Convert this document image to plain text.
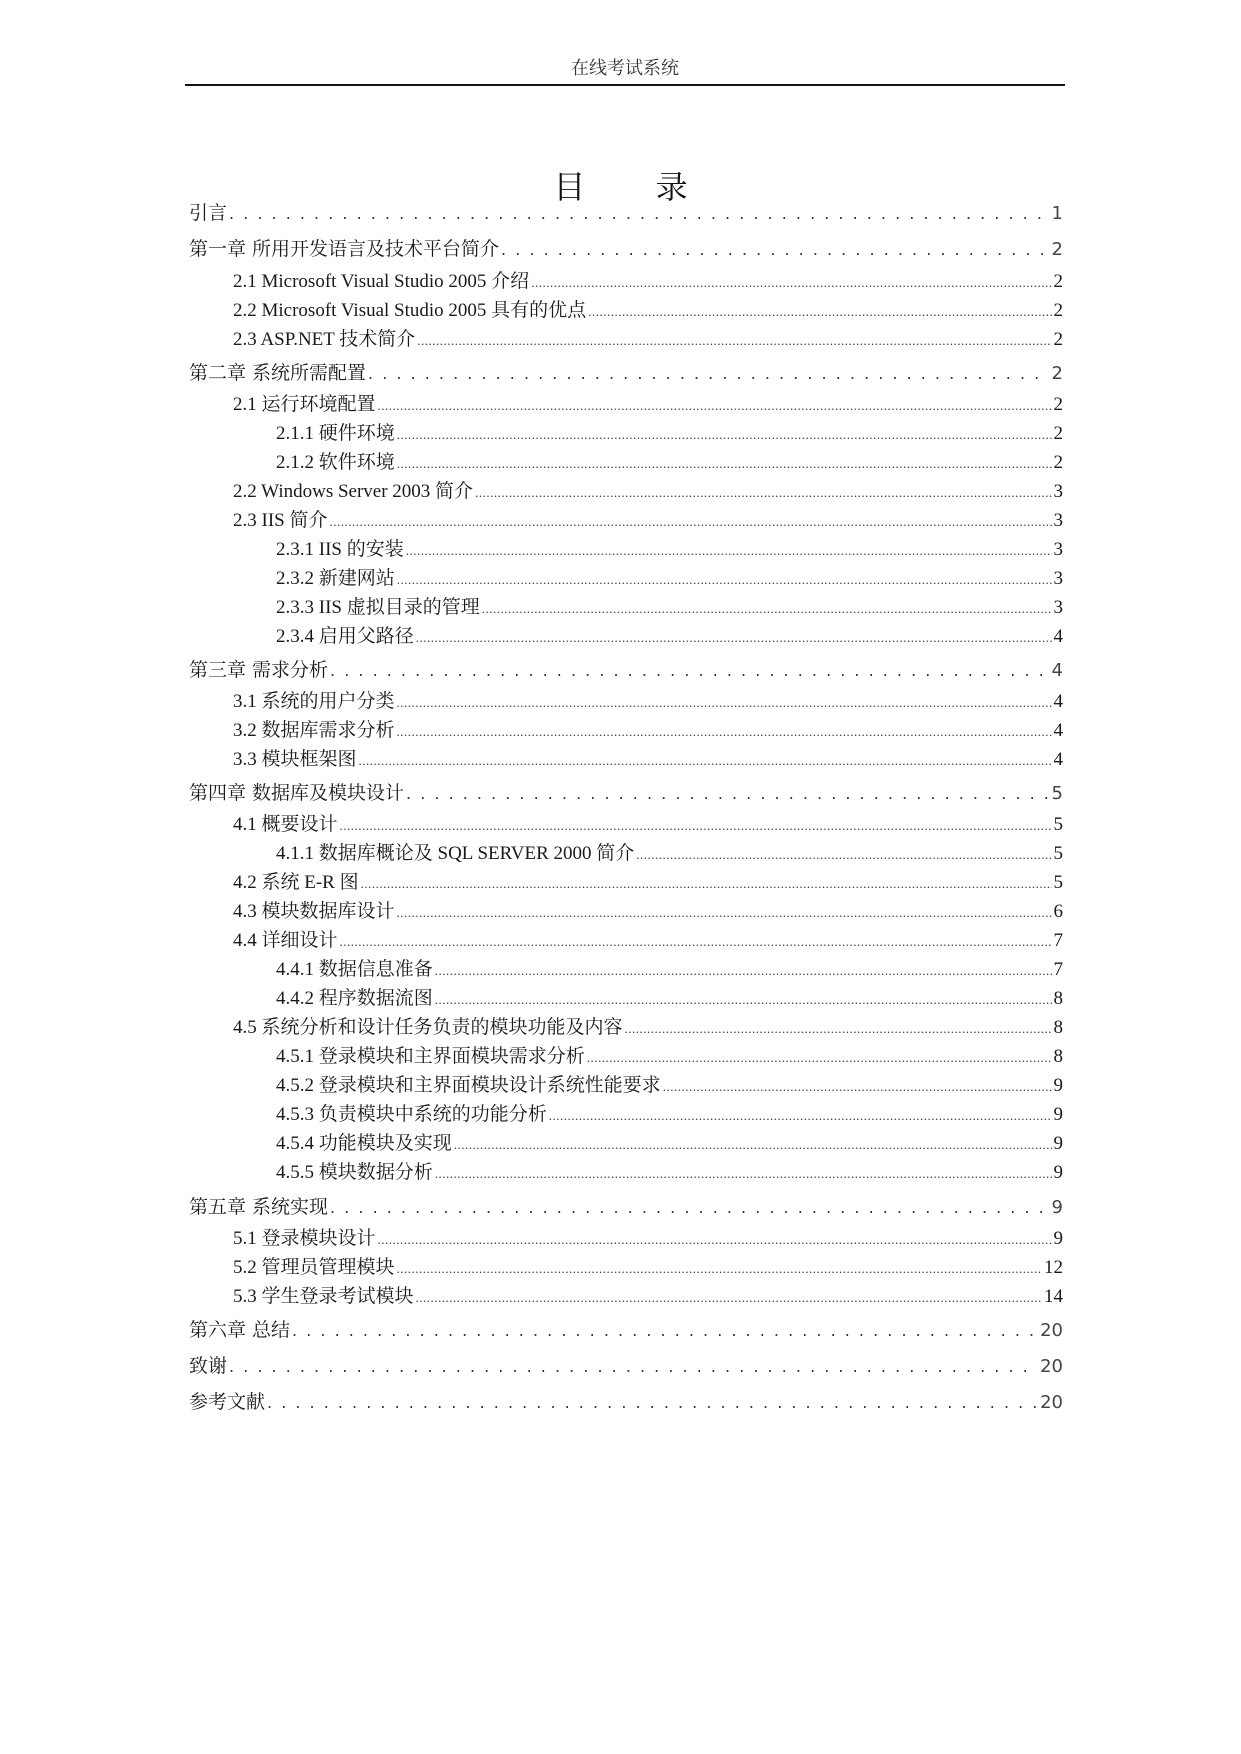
在线考试系统
目 录
引言 . . .	1
第一章 所用开发语言及技术平台简介 . . .	2
2.1 Microsoft Visual Studio 2005 介绍 .....	2
2.2 Microsoft Visual Studio 2005 具有的优点 .....	2
2.3 ASP.NET 技术简介 .....	2
第二章 系统所需配置 . . .	2
2.1 运行环境配置 .....	2
2.1.1 硬件环境 .....	2
2.1.2 软件环境 .....	2
2.2 Windows Server 2003 简介 .....	3
2.3 IIS 简介 .....	3
2.3.1 IIS 的安装 .....	3
2.3.2 新建网站 .....	3
2.3.3 IIS 虚拟目录的管理 .....	3
2.3.4 启用父路径 .....	4
第三章 需求分析 . . .	4
3.1 系统的用户分类 .....	4
3.2 数据库需求分析 .....	4
3.3 模块框架图 .....	4
第四章 数据库及模块设计 . . .	5
4.1 概要设计 .....	5
4.1.1 数据库概论及 SQL SERVER 2000 简介 .....	5
4.2 系统 E-R 图 .....	5
4.3 模块数据库设计 .....	6
4.4 详细设计 .....	7
4.4.1 数据信息准备 .....	7
4.4.2 程序数据流图 .....	8
4.5 系统分析和设计任务负责的模块功能及内容 .....	8
4.5.1 登录模块和主界面模块需求分析 .....	8
4.5.2 登录模块和主界面模块设计系统性能要求 .....	9
4.5.3 负责模块中系统的功能分析 .....	9
4.5.4 功能模块及实现 .....	9
4.5.5 模块数据分析 .....	9
第五章 系统实现 . . .	9
5.1 登录模块设计 .....	9
5.2 管理员管理模块 .....	12
5.3 学生登录考试模块 .....	14
第六章 总结 . . .	20
致谢 . . .	20
参考文献 . . .	20
